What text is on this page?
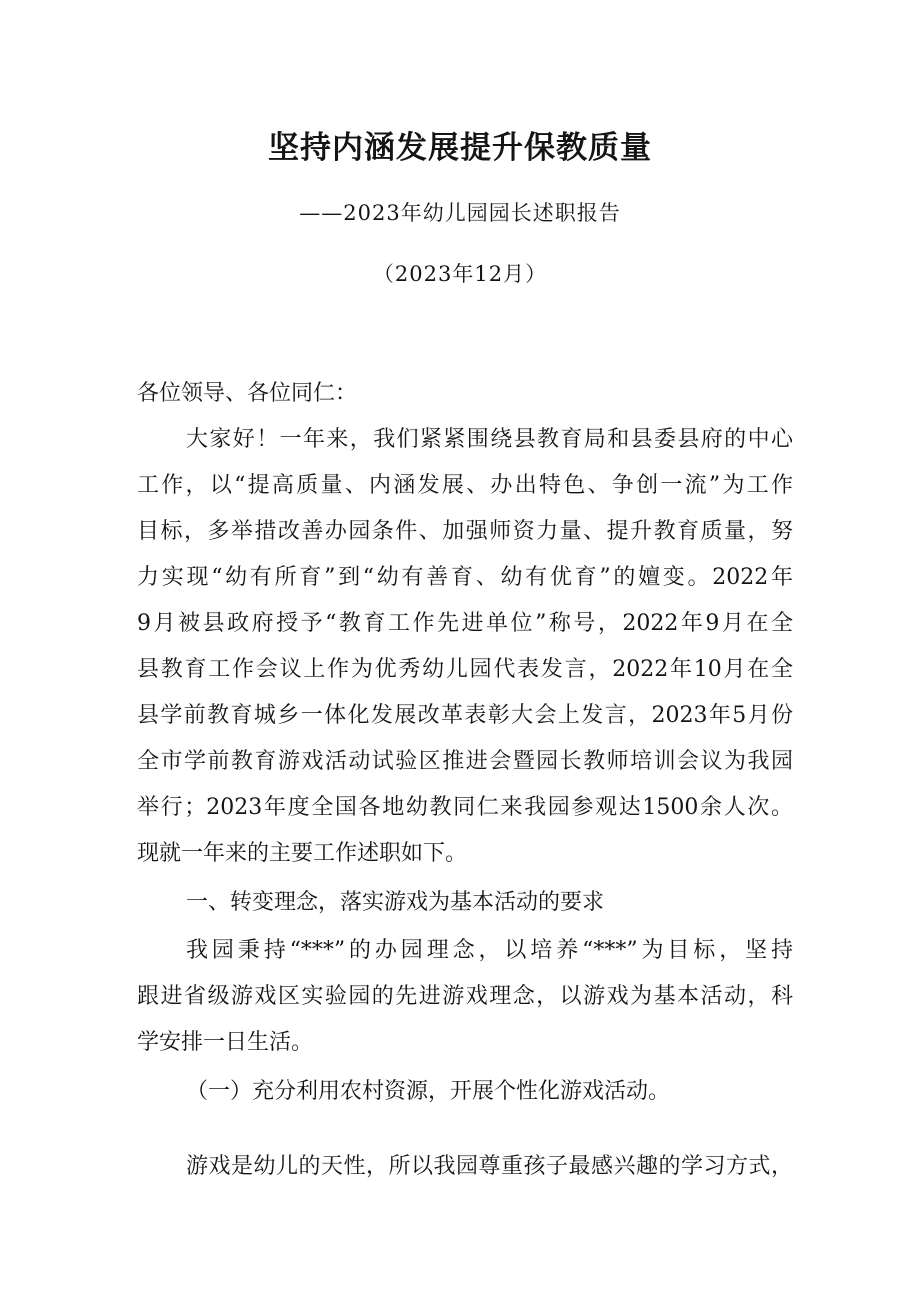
坚持内涵发展提升保教质量
——2023年幼儿园园长述职报告
（2023年12月）
各位领导、各位同仁：
大家好！一年来，我们紧紧围绕县教育局和县委县府的中心
工作，以“提高质量、内涵发展、办出特色、争创一流”为工作
目标，多举措改善办园条件、加强师资力量、提升教育质量，努
力实现“幼有所育”到“幼有善育、幼有优育”的嬗变。2022年
9月被县政府授予“教育工作先进单位”称号，2022年9月在全
县教育工作会议上作为优秀幼儿园代表发言，2022年10月在全
县学前教育城乡一体化发展改革表彰大会上发言，2023年5月份
全市学前教育游戏活动试验区推进会暨园长教师培训会议为我园
举行；2023年度全国各地幼教同仁来我园参观达1500余人次。
现就一年来的主要工作述职如下。
一、转变理念，落实游戏为基本活动的要求
我园秉持“***”的办园理念，以培养“***”为目标，坚持
跟进省级游戏区实验园的先进游戏理念，以游戏为基本活动，科
学安排一日生活。
（一）充分利用农村资源，开展个性化游戏活动。
游戏是幼儿的天性，所以我园尊重孩子最感兴趣的学习方式，
